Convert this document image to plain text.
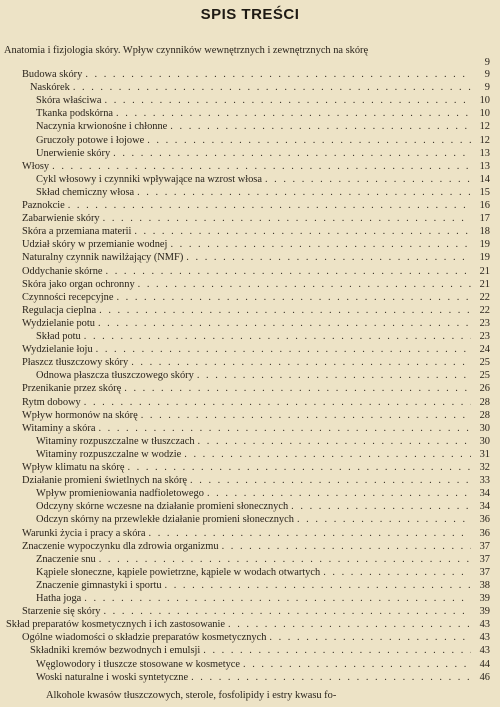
SPIS TREŚCI
Anatomia i fizjologia skóry. Wpływ czynników wewnętrznych i zewnętrznych na skórę
9
Budowa skóry . . .	9
Naskórek . . .	9
Skóra właściwa . . .	10
Tkanka podskórna . . .	10
Naczynia krwionośne i chłonne . . .	12
Gruczoły potowe i łojowe . . .	12
Unerwienie skóry . . .	13
Włosy . . .	13
Cykl włosowy i czynniki wpływające na wzrost włosa . . .	14
Skład chemiczny włosa . . .	15
Paznokcie . . .	16
Zabarwienie skóry . . .	17
Skóra a przemiana materii . . .	18
Udział skóry w przemianie wodnej . . .	19
Naturalny czynnik nawilżający (NMF) . . .	19
Oddychanie skórne . . .	21
Skóra jako organ ochronny . . .	21
Czynności recepcyjne . . .	22
Regulacja cieplna . . .	22
Wydzielanie potu . . .	23
Skład potu . . .	23
Wydzielanie łoju . . .	24
Płaszcz tłuszczowy skóry . . .	25
Odnowa płaszcza tłuszczowego skóry . . .	25
Przenikanie przez skórę . . .	26
Rytm dobowy . . .	28
Wpływ hormonów na skórę . . .	28
Witaminy a skóra . . .	30
Witaminy rozpuszczalne w tłuszczach . . .	30
Witaminy rozpuszczalne w wodzie . . .	31
Wpływ klimatu na skórę . . .	32
Działanie promieni świetlnych na skórę . . .	33
Wpływ promieniowania nadfioletowego . . .	34
Odczyny skórne wczesne na działanie promieni słonecznych . . .	34
Odczyn skórny na przewlekłe działanie promieni słonecznych . . .	36
Warunki życia i pracy a skóra . . .	36
Znaczenie wypoczynku dla zdrowia organizmu . . .	37
Znaczenie snu . . .	37
Kąpiele słoneczne, kąpiele powietrzne, kąpiele w wodach otwartych . . .	37
Znaczenie gimnastyki i sportu . . .	38
Hatha joga . . .	39
Starzenie się skóry . . .	39
Skład preparatów kosmetycznych i ich zastosowanie . . .	43
Ogólne wiadomości o składzie preparatów kosmetycznych . . .	43
Składniki kremów bezwodnych i emulsji . . .	43
Węglowodory i tłuszcze stosowane w kosmetyce . . .	44
Woski naturalne i woski syntetyczne . . .	46
Alkohole kwasów tłuszczowych, sterole, fosfolipidy i estry kwasu fo-
